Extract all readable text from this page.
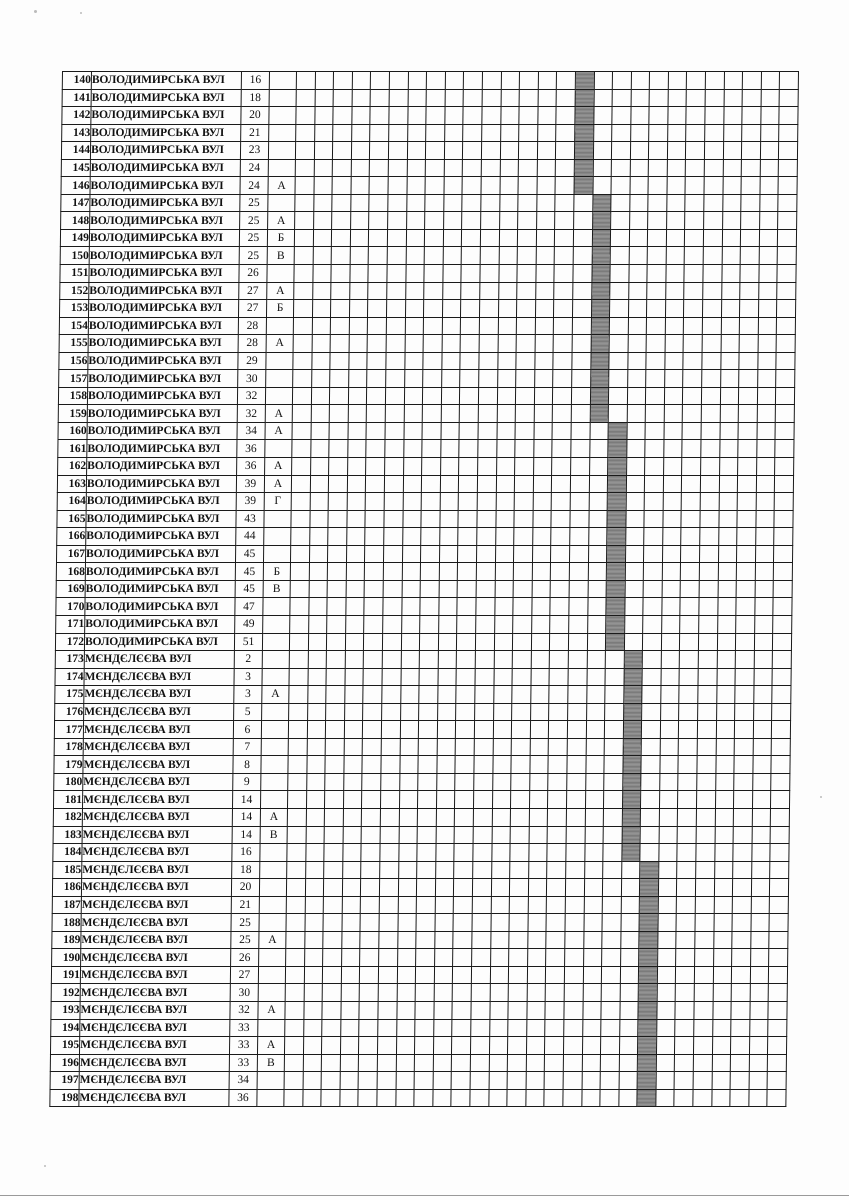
140	ВОЛОДИМИРСЬКА ВУЛ	16																												
141	ВОЛОДИМИРСЬКА ВУЛ	18																												
142	ВОЛОДИМИРСЬКА ВУЛ	20																												
143	ВОЛОДИМИРСЬКА ВУЛ	21																												
144	ВОЛОДИМИРСЬКА ВУЛ	23																												
145	ВОЛОДИМИРСЬКА ВУЛ	24																												
146	ВОЛОДИМИРСЬКА ВУЛ	24	А																											
147	ВОЛОДИМИРСЬКА ВУЛ	25																												
148	ВОЛОДИМИРСЬКА ВУЛ	25	А																											
149	ВОЛОДИМИРСЬКА ВУЛ	25	Б																											
150	ВОЛОДИМИРСЬКА ВУЛ	25	В																											
151	ВОЛОДИМИРСЬКА ВУЛ	26																												
152	ВОЛОДИМИРСЬКА ВУЛ	27	А																											
153	ВОЛОДИМИРСЬКА ВУЛ	27	Б																											
154	ВОЛОДИМИРСЬКА ВУЛ	28																												
155	ВОЛОДИМИРСЬКА ВУЛ	28	А																											
156	ВОЛОДИМИРСЬКА ВУЛ	29																												
157	ВОЛОДИМИРСЬКА ВУЛ	30																												
158	ВОЛОДИМИРСЬКА ВУЛ	32																												
159	ВОЛОДИМИРСЬКА ВУЛ	32	А																											
160	ВОЛОДИМИРСЬКА ВУЛ	34	А																											
161	ВОЛОДИМИРСЬКА ВУЛ	36																												
162	ВОЛОДИМИРСЬКА ВУЛ	36	А																											
163	ВОЛОДИМИРСЬКА ВУЛ	39	А																											
164	ВОЛОДИМИРСЬКА ВУЛ	39	Г																											
165	ВОЛОДИМИРСЬКА ВУЛ	43																												
166	ВОЛОДИМИРСЬКА ВУЛ	44																												
167	ВОЛОДИМИРСЬКА ВУЛ	45																												
168	ВОЛОДИМИРСЬКА ВУЛ	45	Б																											
169	ВОЛОДИМИРСЬКА ВУЛ	45	В																											
170	ВОЛОДИМИРСЬКА ВУЛ	47																												
171	ВОЛОДИМИРСЬКА ВУЛ	49																												
172	ВОЛОДИМИРСЬКА ВУЛ	51																												
173	МЄНДЄЛЄЄВА ВУЛ	2																												
174	МЄНДЄЛЄЄВА ВУЛ	3																												
175	МЄНДЄЛЄЄВА ВУЛ	3	А																											
176	МЄНДЄЛЄЄВА ВУЛ	5																												
177	МЄНДЄЛЄЄВА ВУЛ	6																												
178	МЄНДЄЛЄЄВА ВУЛ	7																												
179	МЄНДЄЛЄЄВА ВУЛ	8																												
180	МЄНДЄЛЄЄВА ВУЛ	9																												
181	МЄНДЄЛЄЄВА ВУЛ	14																												
182	МЄНДЄЛЄЄВА ВУЛ	14	А																											
183	МЄНДЄЛЄЄВА ВУЛ	14	В																											
184	МЄНДЄЛЄЄВА ВУЛ	16																												
185	МЄНДЄЛЄЄВА ВУЛ	18																												
186	МЄНДЄЛЄЄВА ВУЛ	20																												
187	МЄНДЄЛЄЄВА ВУЛ	21																												
188	МЄНДЄЛЄЄВА ВУЛ	25																												
189	МЄНДЄЛЄЄВА ВУЛ	25	А																											
190	МЄНДЄЛЄЄВА ВУЛ	26																												
191	МЄНДЄЛЄЄВА ВУЛ	27																												
192	МЄНДЄЛЄЄВА ВУЛ	30																												
193	МЄНДЄЛЄЄВА ВУЛ	32	А																											
194	МЄНДЄЛЄЄВА ВУЛ	33																												
195	МЄНДЄЛЄЄВА ВУЛ	33	А																											
196	МЄНДЄЛЄЄВА ВУЛ	33	В																											
197	МЄНДЄЛЄЄВА ВУЛ	34																												
198	МЄНДЄЛЄЄВА ВУЛ	36																												
